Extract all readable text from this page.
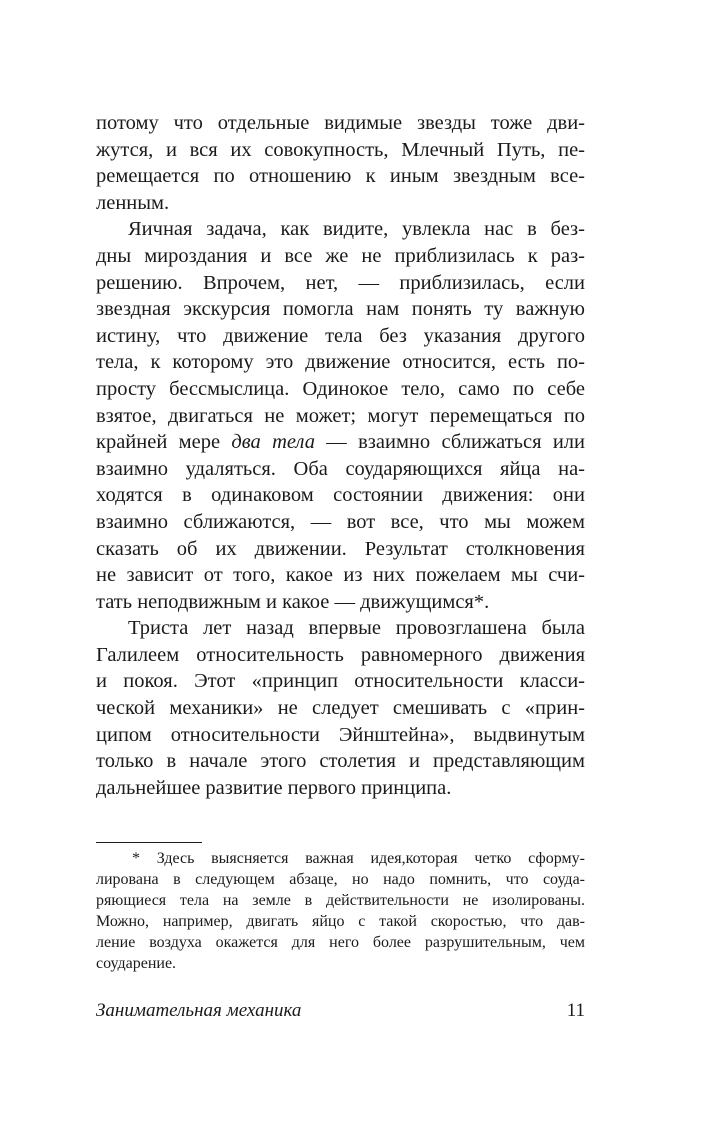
потому что отдельные видимые звезды тоже дви-
жутся, и вся их совокупность, Млечный Путь, пе-
ремещается по отношению к иным звездным все-
ленным.
Яичная задача, как видите, увлекла нас в без-
дны мироздания и все же не приблизилась к раз-
решению. Впрочем, нет, — приблизилась, если
звездная экскурсия помогла нам понять ту важную
истину, что движение тела без указания другого
тела, к которому это движение относится, есть по-
просту бессмыслица. Одинокое тело, само по себе
взятое, двигаться не может; могут перемещаться по
крайней мере два тела — взаимно сближаться или
взаимно удаляться. Оба соударяющихся яйца на-
ходятся в одинаковом состоянии движения: они
взаимно сближаются, — вот все, что мы можем
сказать об их движении. Результат столкновения
не зависит от того, какое из них пожелаем мы счи-
тать неподвижным и какое — движущимся*.
Триста лет назад впервые провозглашена была
Галилеем относительность равномерного движения
и покоя. Этот «принцип относительности класси-
ческой механики» не следует смешивать с «прин-
ципом относительности Эйнштейна», выдвинутым
только в начале этого столетия и представляющим
дальнейшее развитие первого принципа.
* Здесь выясняется важная идея,которая четко сформу-
лирована в следующем абзаце, но надо помнить, что соуда-
ряющиеся тела на земле в действительности не изолированы.
Можно, например, двигать яйцо с такой скоростью, что дав-
ление воздуха окажется для него более разрушительным, чем
соударение.
Занимательная механика	11
